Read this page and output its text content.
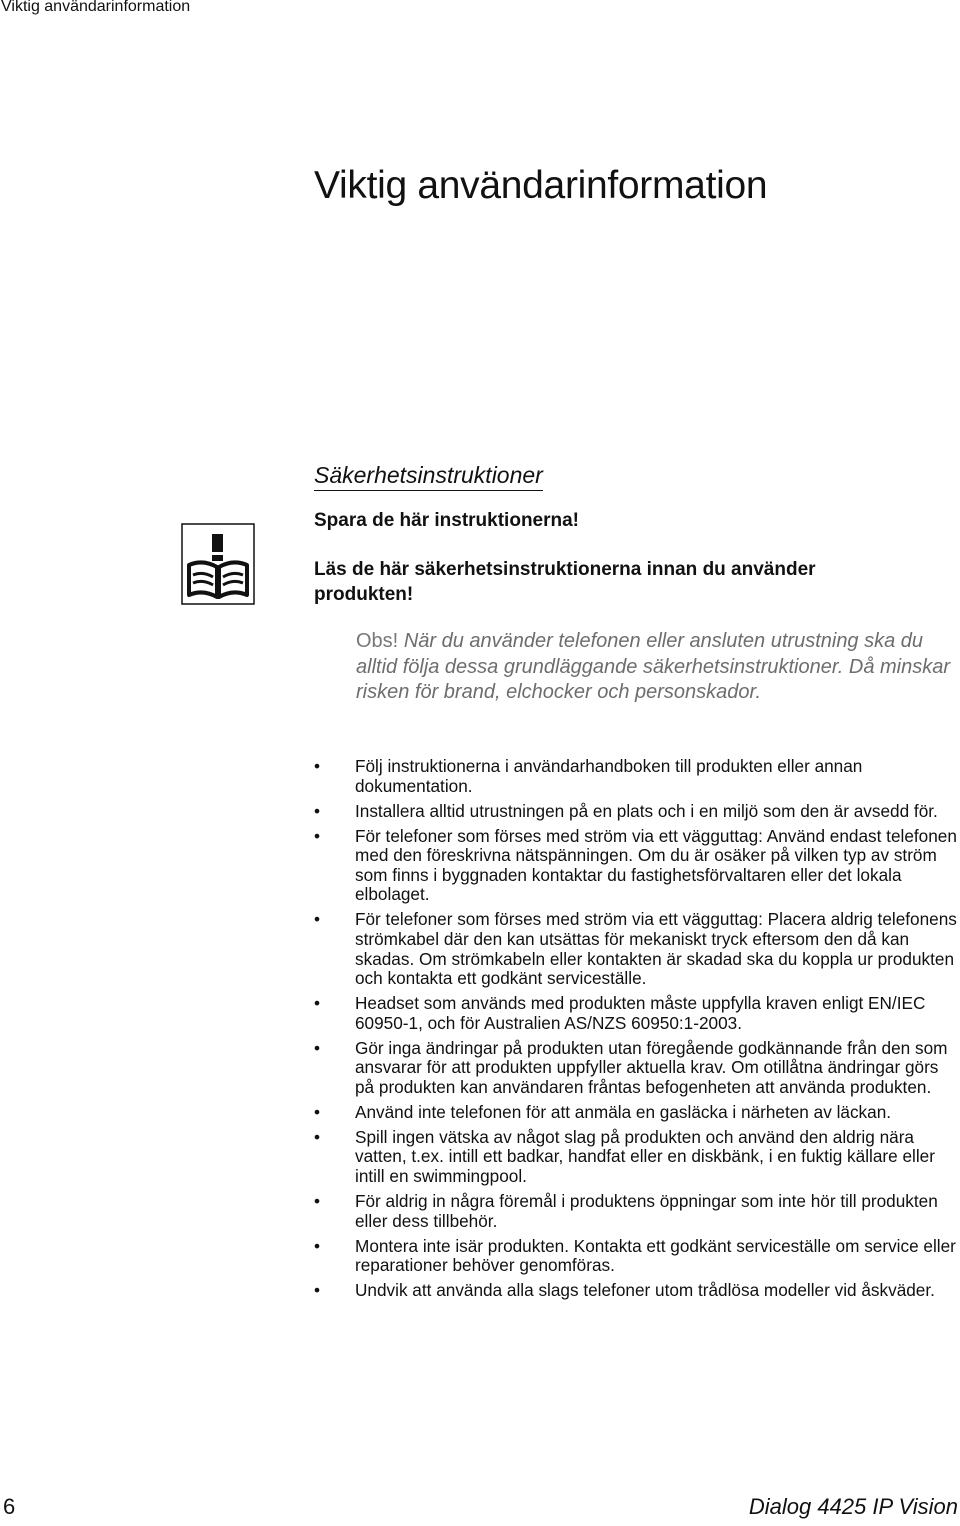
Viktig användarinformation
Viktig användarinformation
Säkerhetsinstruktioner

Spara de här instruktionerna!

Läs de här säkerhetsinstruktionerna innan du använder

produkten!

Obs! När du använder telefonen eller ansluten utrustning ska du alltid följa dessa grundläggande säkerhetsinstruktioner. Då minskar risken för brand, elchocker och personskador.

• Följ instruktionerna i användarhandboken till produkten eller annan dokumentation.
• Installera alltid utrustningen på en plats och i en miljö som den är avsedd för.
• För telefoner som förses med ström via ett vägguttag: Använd endast telefonen med den föreskrivna nätspänningen. Om du är osäker på vilken typ av ström som finns i byggnaden kontaktar du fastighetsförvaltaren eller det lokala elbolaget.
• För telefoner som förses med ström via ett vägguttag: Placera aldrig telefonens strömkabel där den kan utsättas för mekaniskt tryck eftersom den då kan skadas. Om strömkabeln eller kontakten är skadad ska du koppla ur produkten och kontakta ett godkänt serviceställe.
• Headset som används med produkten måste uppfylla kraven enligt EN/IEC 60950-1, och för Australien AS/NZS 60950:1-2003.
• Gör inga ändringar på produkten utan föregående godkännande från den som ansvarar för att produkten uppfyller aktuella krav. Om otillåtna ändringar görs på produkten kan användaren fråntas befogenheten att använda produkten.
• Använd inte telefonen för att anmäla en gasläcka i närheten av läckan.
• Spill ingen vätska av något slag på produkten och använd den aldrig nära vatten, t.ex. intill ett badkar, handfat eller en diskbänk, i en fuktig källare eller intill en swimmingpool.
• För aldrig in några föremål i produktens öppningar som inte hör till produkten eller dess tillbehör.
• Montera inte isär produkten. Kontakta ett godkänt serviceställe om service eller reparationer behöver genomföras.
• Undvik att använda alla slags telefoner utom trådlösa modeller vid åskväder.
6	Dialog 4425 IP Vision
